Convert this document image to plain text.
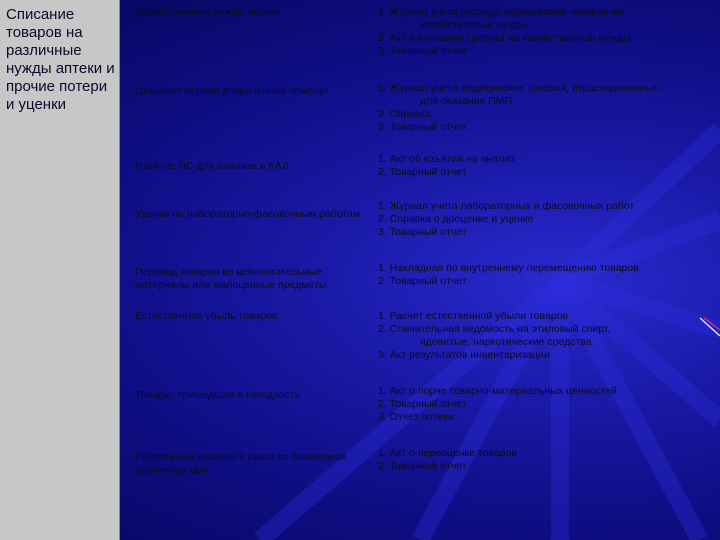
Списание товаров на различные нужды аптеки и прочие потери и уценки
Хозяйственные нужды аптеки	1. Журнал учета расхода медицинских товаров на
хозяйственные нужды
2. Акт о списании средств на хозяйственные нужды
3. Товарный отчет
Оказание первой доврачебной помощи	1. Журнал учета медицинских товаров, израсходованных
для оказания ПМП
2. Справка
3. Товарный отчет
Изъятие ЛС для анализа в КАЛ
1. Акт об изъятии на анализ
2. Товарный отчет
Уценки по лабораторно-фасовочным работам
1. Журнал учета лабораторных и фасовочных работ
2. Справка о дооценке и уценке
3. Товарный отчет
Перевод товаров во вспомогательные материалы или малоценные предметы
1. Накладная по внутреннему перемещению товаров
2. Товарный отчет
Естественная убыль товаров	1. Расчет естественной убыли товаров
2. Сличительная ведомость на этиловый спирт,
ядовитые, наркотические средства
3. Акт результатов инвентаризации
Товары, пришедшие в негодность	1. Акт о порче товарно-материальных ценностей
2. Товарный отчет
3. Отчет аптеки
Переоценка товаров в связи со снижением розничных цен
1. Акт о переоценке товаров
2. Товарный отчет
